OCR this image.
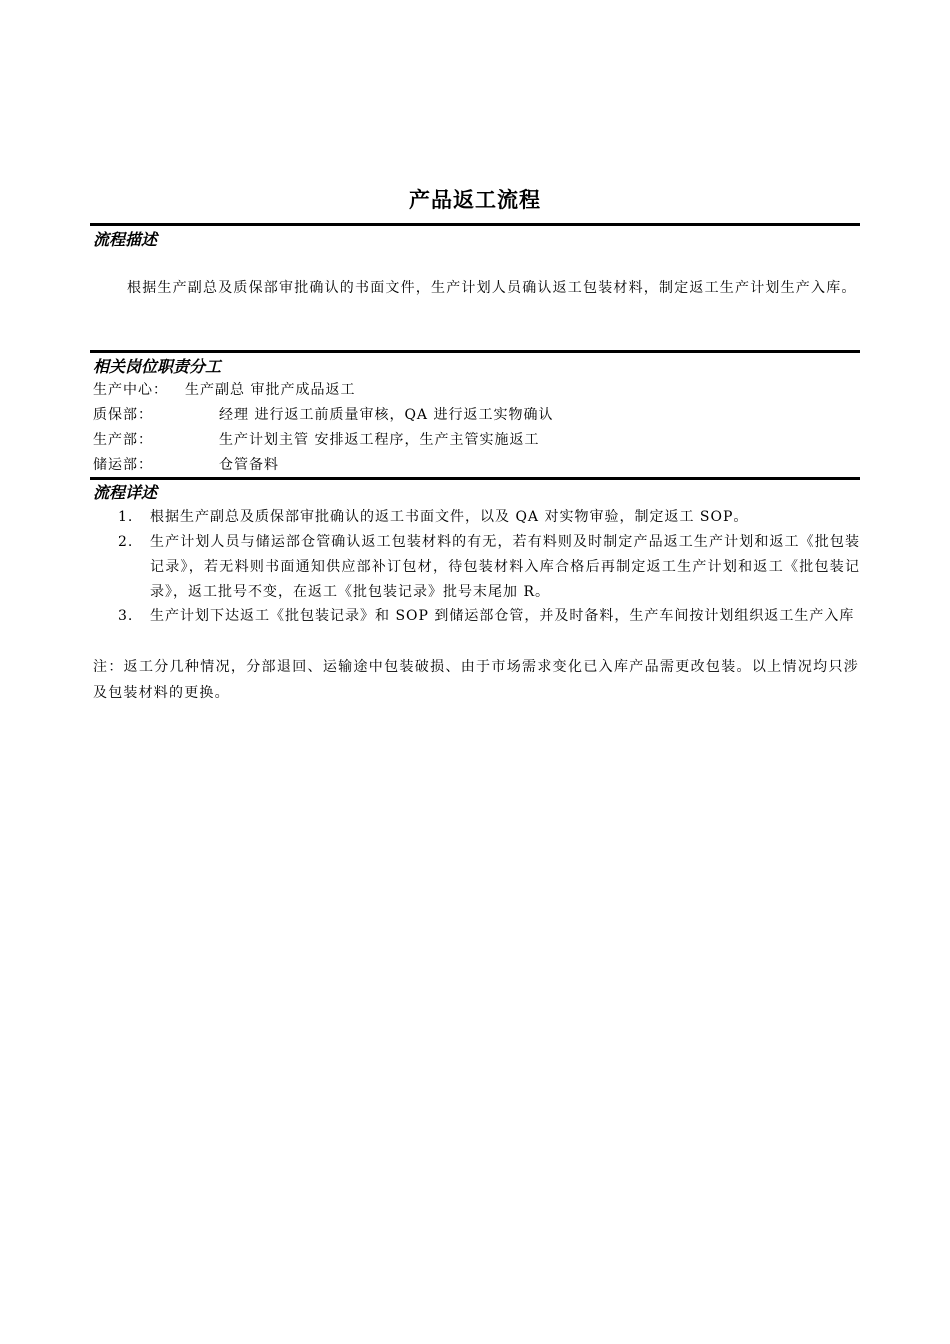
产品返工流程
流程描述

根据生产副总及质保部审批确认的书面文件，生产计划人员确认返工包装材料，制定返工生产计划生产入库。

相关岗位职责分工
生产中心： 生产副总 审批产成品返工
质保部：	经理 进行返工前质量审核，QA 进行返工实物确认
生产部：	生产计划主管 安排返工程序，生产主管实施返工
储运部：	仓管备料
流程详述
1.	根据生产副总及质保部审批确认的返工书面文件，以及 QA 对实物审验，制定返工 SOP。
2.	生产计划人员与储运部仓管确认返工包装材料的有无，若有料则及时制定产品返工生产计划和返工《批包装记录》，若无料则书面通知供应部补订包材，待包装材料入库合格后再制定返工生产计划和返工《批包装记录》，返工批号不变，在返工《批包装记录》批号末尾加 R。
3.	生产计划下达返工《批包装记录》和 SOP 到储运部仓管，并及时备料，生产车间按计划组织返工生产入库

注：返工分几种情况，分部退回、运输途中包装破损、由于市场需求变化已入库产品需更改包装。以上情况均只涉及包装材料的更换。
